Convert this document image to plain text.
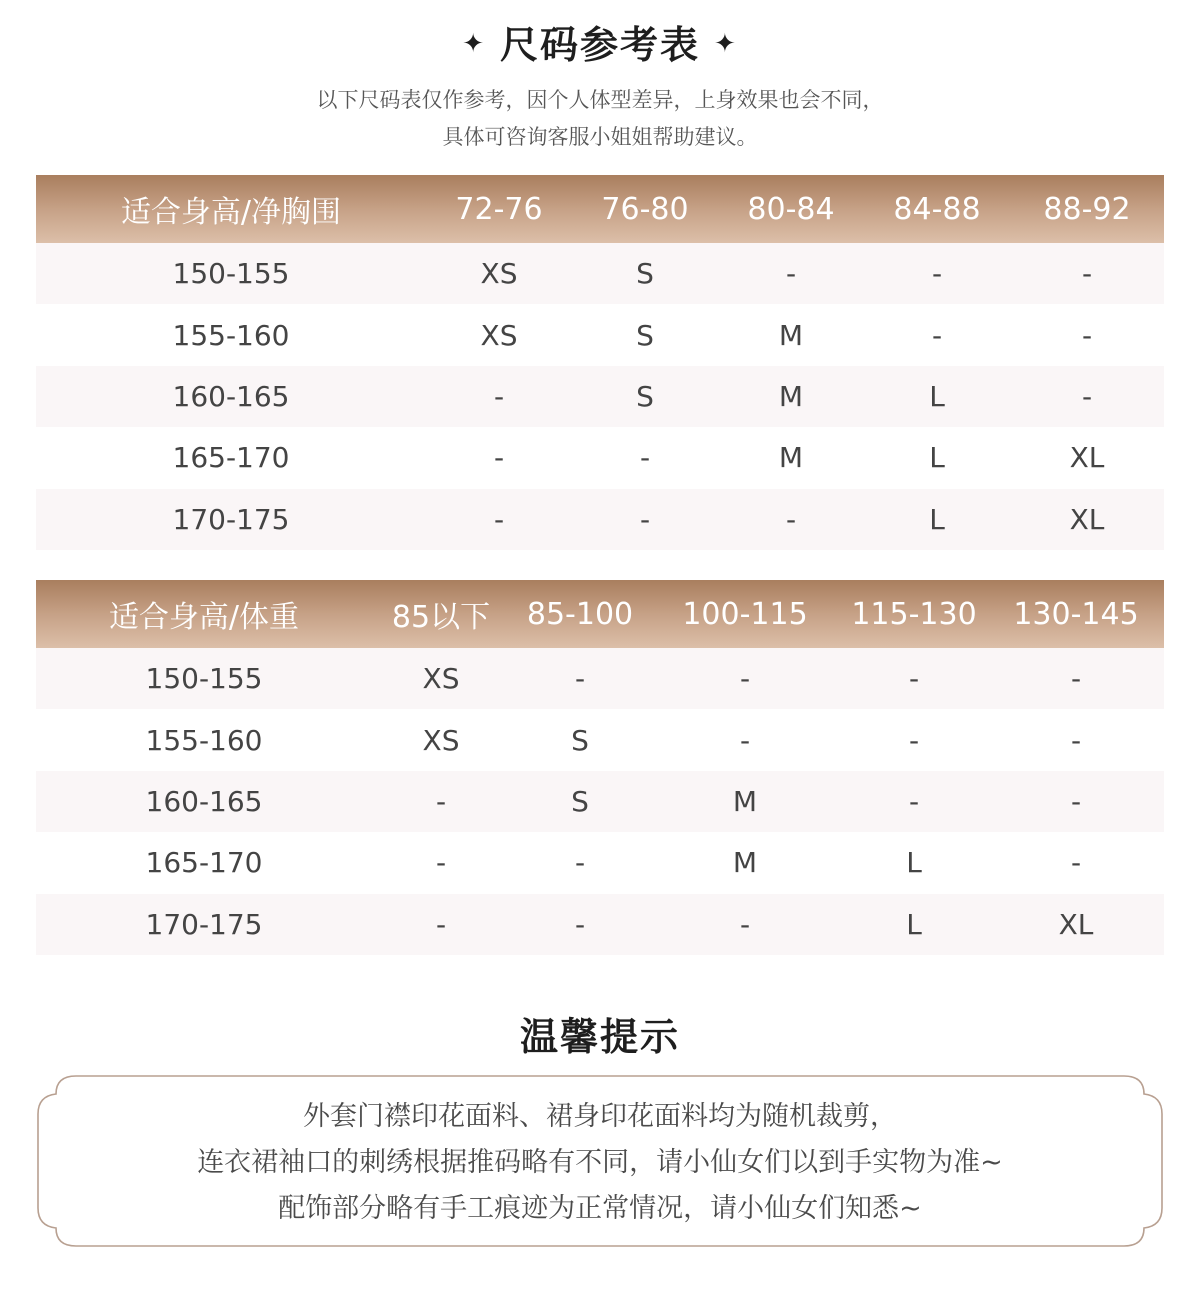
✦ 尺码参考表 ✦
以下尺码表仅作参考，因个人体型差异，上身效果也会不同，
具体可咨询客服小姐姐帮助建议。
适合身高/净胸围	72-76	76-80	80-84	84-88	88-92
150-155	XS	S	-	-	-
155-160	XS	S	M	-	-
160-165	-	S	M	L	-
165-170	-	-	M	L	XL
170-175	-	-	-	L	XL
适合身高/体重	85以下	85-100	100-115	115-130	130-145
150-155	XS	-	-	-	-
155-160	XS	S	-	-	-
160-165	-	S	M	-	-
165-170	-	-	M	L	-
170-175	-	-	-	L	XL
温馨提示
外套门襟印花面料、裙身印花面料均为随机裁剪，
连衣裙袖口的刺绣根据推码略有不同，请小仙女们以到手实物为准~
配饰部分略有手工痕迹为正常情况，请小仙女们知悉~
